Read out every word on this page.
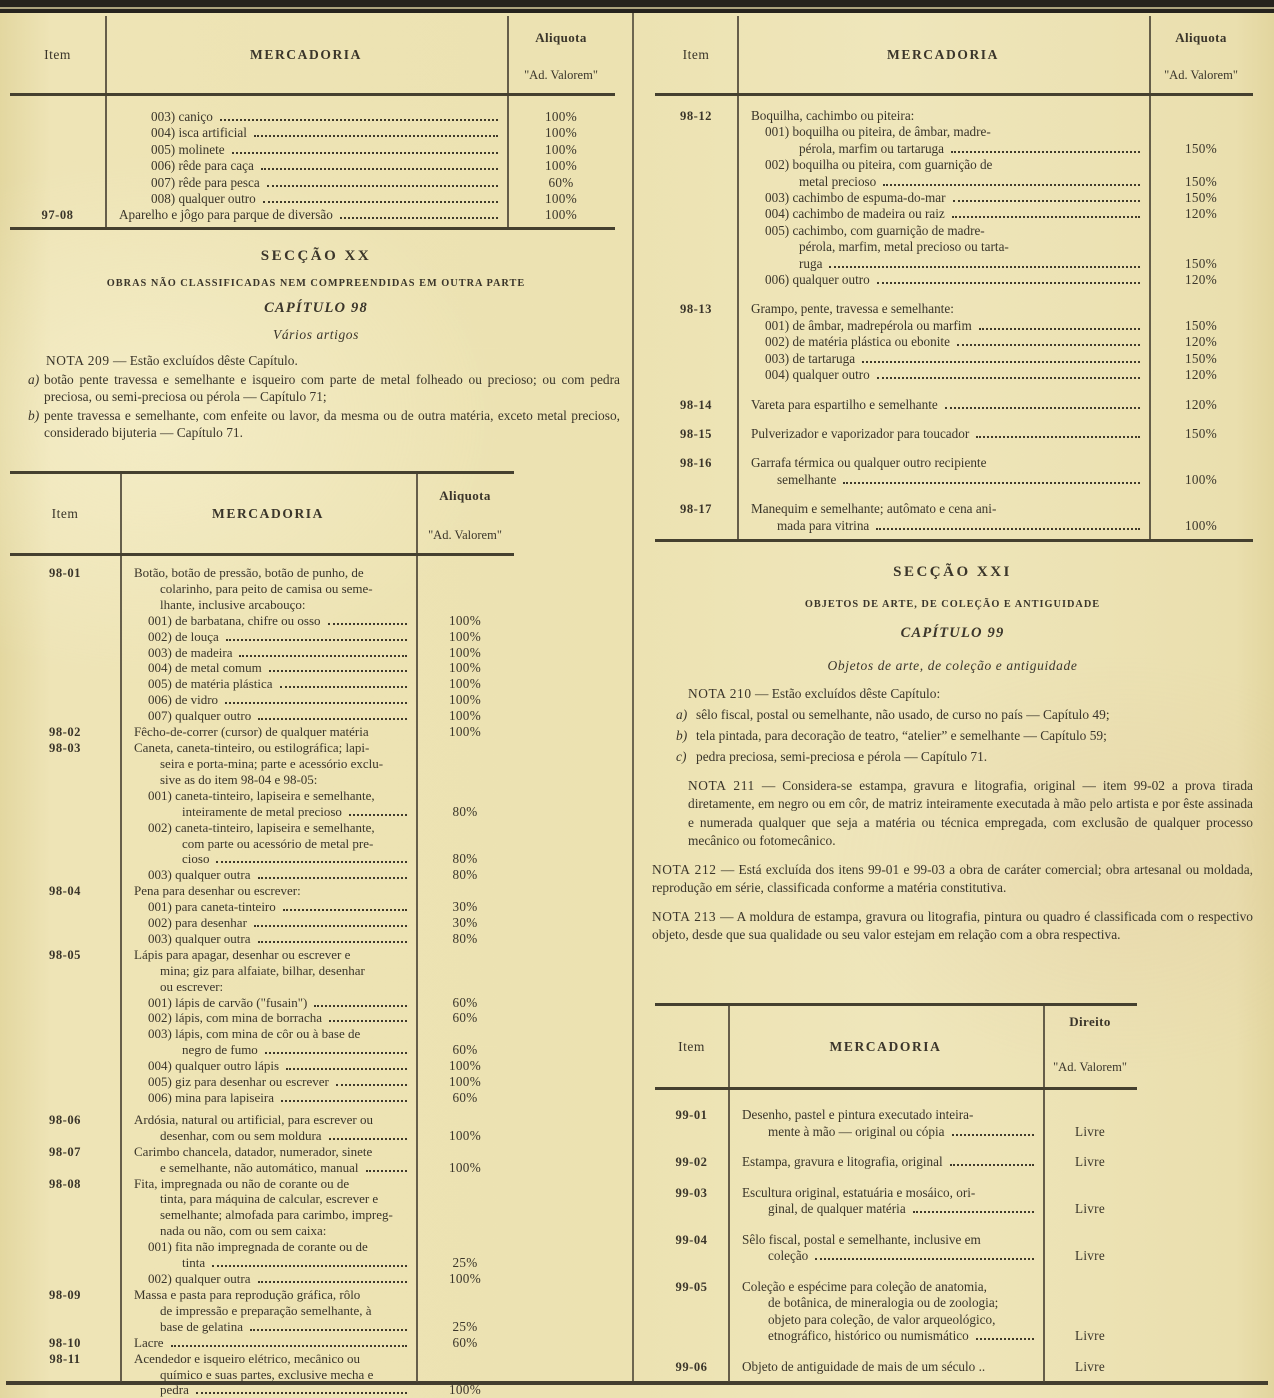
Item	MERCADORIA
Aliquota
"Ad. Valorem"
003) caniço	100%
004) isca artificial	100%
005) molinete	100%
006) rêde para caça	100%
007) rêde para pesca	60%
008) qualquer outro	100%
97-08	Aparelho e jôgo para parque de diversão	100%
SECÇÃO XX
OBRAS NÃO CLASSIFICADAS NEM COMPREENDIDAS EM OUTRA PARTE
CAPÍTULO 98
Vários artigos

NOTA 209 — Estão excluídos dêste Capítulo.

a) botão pente travessa e semelhante e isqueiro com parte de metal folheado ou precioso; ou com pedra preciosa, ou semi-preciosa ou pérola — Capítulo 71;
b) pente travessa e semelhante, com enfeite ou lavor, da mesma ou de outra matéria, exceto metal precioso, considerado bijuteria — Capítulo 71.
Item	MERCADORIA
Aliquota
"Ad. Valorem"
98-01	Botão, botão de pressão, botão de punho, de
colarinho, para peito de camisa ou seme-
lhante, inclusive arcabouço:
001) de barbatana, chifre ou osso	100%
002) de louça	100%
003) de madeira	100%
004) de metal comum	100%
005) de matéria plástica	100%
006) de vidro	100%
007) qualquer outro	100%
98-02	Fêcho-de-correr (cursor) de qualquer matéria	100%
98-03	Caneta, caneta-tinteiro, ou estilográfica; lapi-
seira e porta-mina; parte e acessório exclu-
sive as do item 98-04 e 98-05:
001) caneta-tinteiro, lapiseira e semelhante,
inteiramente de metal precioso	80%
002) caneta-tinteiro, lapiseira e semelhante,
com parte ou acessório de metal pre-
cioso	80%
003) qualquer outra	80%
98-04	Pena para desenhar ou escrever:
001) para caneta-tinteiro	30%
002) para desenhar	30%
003) qualquer outra	80%
98-05	Lápis para apagar, desenhar ou escrever e
mina; giz para alfaiate, bilhar, desenhar
ou escrever:
001) lápis de carvão ("fusain")	60%
002) lápis, com mina de borracha	60%
003) lápis, com mina de côr ou à base de
negro de fumo	60%
004) qualquer outro lápis	100%
005) giz para desenhar ou escrever	100%
006) mina para lapiseira	60%
98-06	Ardósia, natural ou artificial, para escrever ou
desenhar, com ou sem moldura	100%
98-07	Carimbo chancela, datador, numerador, sinete
e semelhante, não automático, manual	100%
98-08	Fita, impregnada ou não de corante ou de
tinta, para máquina de calcular, escrever e
semelhante; almofada para carimbo, impreg-
nada ou não, com ou sem caixa:
001) fita não impregnada de corante ou de
tinta	25%
002) qualquer outra	100%
98-09	Massa e pasta para reprodução gráfica, rôlo
de impressão e preparação semelhante, à
base de gelatina	25%
98-10	Lacre	60%
98-11	Acendedor e isqueiro elétrico, mecânico ou
químico e suas partes, exclusive mecha e
pedra	100%
Item	MERCADORIA
Aliquota
"Ad. Valorem"
98-12	Boquilha, cachimbo ou piteira:
001) boquilha ou piteira, de âmbar, madre-
pérola, marfim ou tartaruga	150%
002) boquilha ou piteira, com guarnição de
metal precioso	150%
003) cachimbo de espuma-do-mar	150%
004) cachimbo de madeira ou raiz	120%
005) cachimbo, com guarnição de madre-
pérola, marfim, metal precioso ou tarta-
ruga	150%
006) qualquer outro	120%
98-13	Grampo, pente, travessa e semelhante:
001) de âmbar, madrepérola ou marfim	150%
002) de matéria plástica ou ebonite	120%
003) de tartaruga	150%
004) qualquer outro	120%
98-14	Vareta para espartilho e semelhante	120%
98-15	Pulverizador e vaporizador para toucador	150%
98-16	Garrafa térmica ou qualquer outro recipiente
semelhante	100%
98-17	Manequim e semelhante; autômato e cena ani-
mada para vitrina	100%
SECÇÃO XXI
OBJETOS DE ARTE, DE COLEÇÃO E ANTIGUIDADE
CAPÍTULO 99
Objetos de arte, de coleção e antiguidade

NOTA 210 — Estão excluídos dêste Capítulo:

a) sêlo fiscal, postal ou semelhante, não usado, de curso no país — Capítulo 49;
b) tela pintada, para decoração de teatro, “atelier” e semelhante — Capítulo 59;
c) pedra preciosa, semi-preciosa e pérola — Capítulo 71.

NOTA 211 — Considera-se estampa, gravura e litografia, original — item 99-02 a prova tirada diretamente, em negro ou em côr, de matriz inteiramente executada à mão pelo artista e por êste assinada e numerada qualquer que seja a matéria ou técnica empregada, com exclusão de qualquer processo mecânico ou fotomecânico.

NOTA 212 — Está excluída dos itens 99-01 e 99-03 a obra de caráter comercial; obra artesanal ou moldada, reprodução em série, classificada conforme a matéria constitutiva.

NOTA 213 — A moldura de estampa, gravura ou litografia, pintura ou quadro é classificada com o respectivo objeto, desde que sua qualidade ou seu valor estejam em relação com a obra respectiva.

Item	MERCADORIA
Direito
"Ad. Valorem"
99-01	Desenho, pastel e pintura executado inteira-
mente à mão — original ou cópia	Livre
99-02	Estampa, gravura e litografia, original	Livre
99-03	Escultura original, estatuária e mosáico, ori-
ginal, de qualquer matéria	Livre
99-04	Sêlo fiscal, postal e semelhante, inclusive em
coleção	Livre
99-05	Coleção e espécime para coleção de anatomia,
de botânica, de mineralogia ou de zoologia;
objeto para coleção, de valor arqueológico,
etnográfico, histórico ou numismático	Livre
99-06	Objeto de antiguidade de mais de um século ..	Livre
